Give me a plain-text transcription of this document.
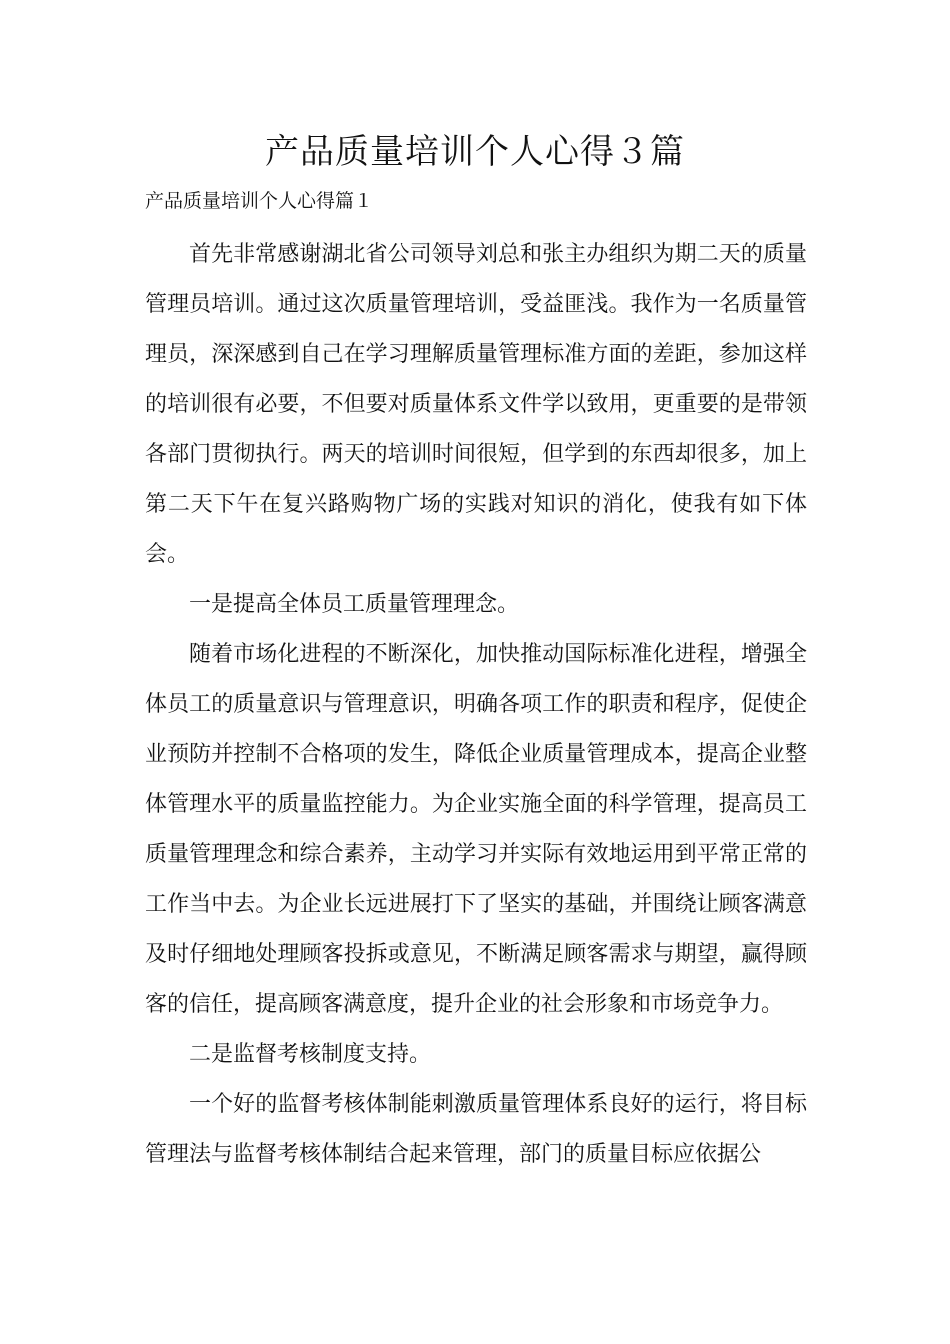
产品质量培训个人心得３篇

产品质量培训个人心得篇１

首先非常感谢湖北省公司领导刘总和张主办组织为期二天的质量管理员培训。通过这次质量管理培训，受益匪浅。我作为一名质量管理员，深深感到自己在学习理解质量管理标准方面的差距，参加这样的培训很有必要，不但要对质量体系文件学以致用，更重要的是带领各部门贯彻执行。两天的培训时间很短，但学到的东西却很多，加上第二天下午在复兴路购物广场的实践对知识的消化，使我有如下体会。

一是提高全体员工质量管理理念。

随着市场化进程的不断深化，加快推动国际标准化进程，增强全体员工的质量意识与管理意识，明确各项工作的职责和程序，促使企业预防并控制不合格项的发生，降低企业质量管理成本，提高企业整体管理水平的质量监控能力。为企业实施全面的科学管理，提高员工质量管理理念和综合素养，主动学习并实际有效地运用到平常正常的工作当中去。为企业长远进展打下了坚实的基础，并围绕让顾客满意及时仔细地处理顾客投拆或意见，不断满足顾客需求与期望，赢得顾客的信任，提高顾客满意度，提升企业的社会形象和市场竞争力。

二是监督考核制度支持。

一个好的监督考核体制能刺激质量管理体系良好的运行，将目标管理法与监督考核体制结合起来管理，部门的质量目标应依据公
